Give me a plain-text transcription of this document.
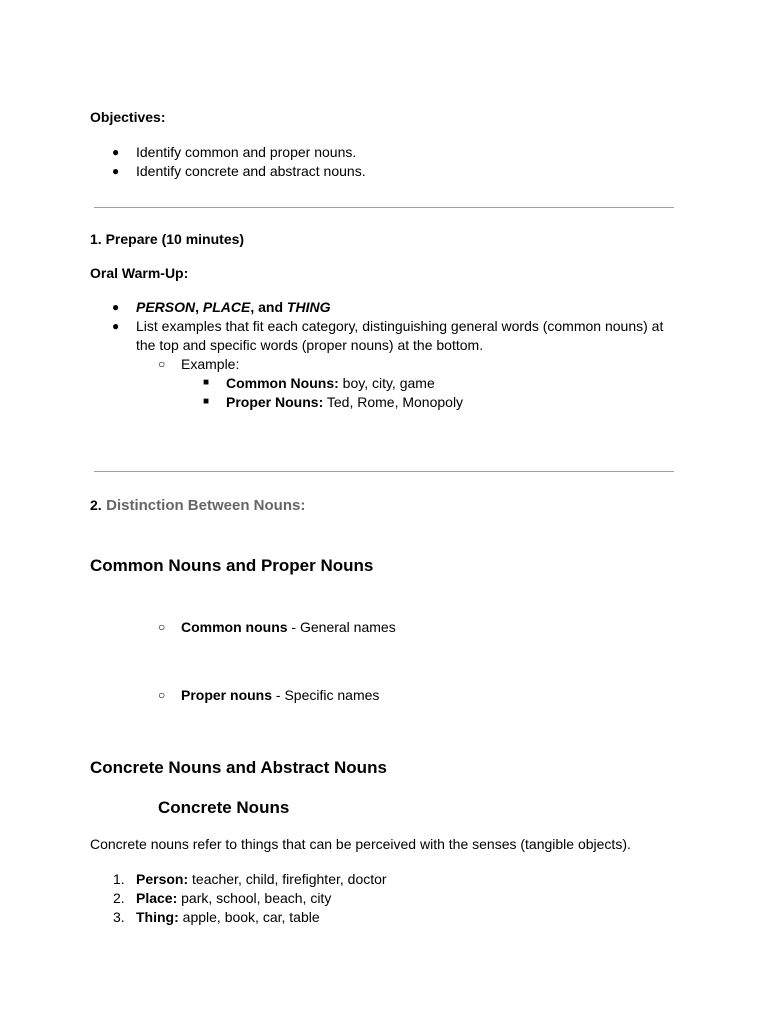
Objectives:
● Identify common and proper nouns.
● Identify concrete and abstract nouns.
1. Prepare (10 minutes)
Oral Warm-Up:
● PERSON, PLACE, and THING
● List examples that fit each category, distinguishing general words (common nouns) at
the top and specific words (proper nouns) at the bottom.
○ Example:
■ Common Nouns: boy, city, game
■ Proper Nouns: Ted, Rome, Monopoly
2. Distinction Between Nouns:
Common Nouns and Proper Nouns
○ Common nouns - General names
○ Proper nouns - Specific names
Concrete Nouns and Abstract Nouns
Concrete Nouns
Concrete nouns refer to things that can be perceived with the senses (tangible objects).
1. Person: teacher, child, firefighter, doctor
2. Place: park, school, beach, city
3. Thing: apple, book, car, table
